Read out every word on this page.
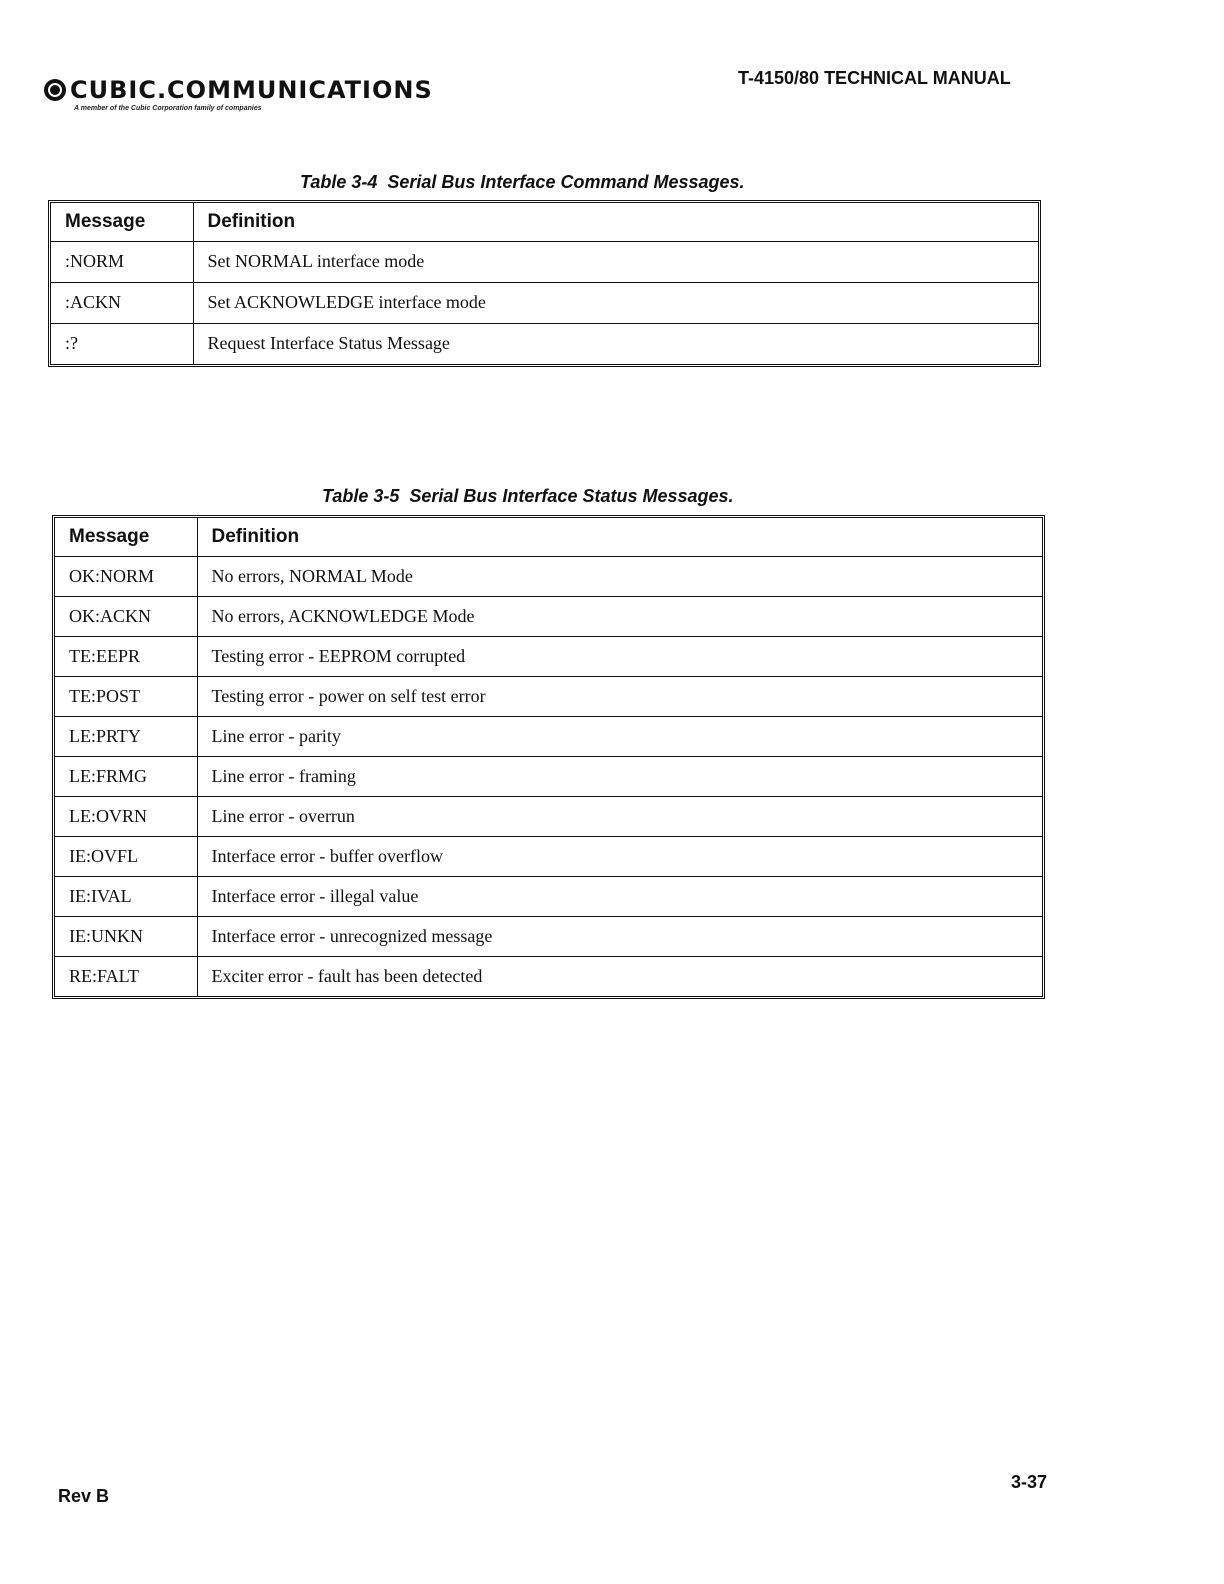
CUBIC.COMMUNICATIONS
A member of the Cubic Corporation family of companies
T-4150/80 TECHNICAL MANUAL
Table 3-4 Serial Bus Interface Command Messages.
Message	Definition
:NORM	Set NORMAL interface mode
:ACKN	Set ACKNOWLEDGE interface mode
:?	Request Interface Status Message
Table 3-5 Serial Bus Interface Status Messages.
Message	Definition
OK:NORM	No errors, NORMAL Mode
OK:ACKN	No errors, ACKNOWLEDGE Mode
TE:EEPR	Testing error - EEPROM corrupted
TE:POST	Testing error - power on self test error
LE:PRTY	Line error - parity
LE:FRMG	Line error - framing
LE:OVRN	Line error - overrun
IE:OVFL	Interface error - buffer overflow
IE:IVAL	Interface error - illegal value
IE:UNKN	Interface error - unrecognized message
RE:FALT	Exciter error - fault has been detected
Rev B
3-37
